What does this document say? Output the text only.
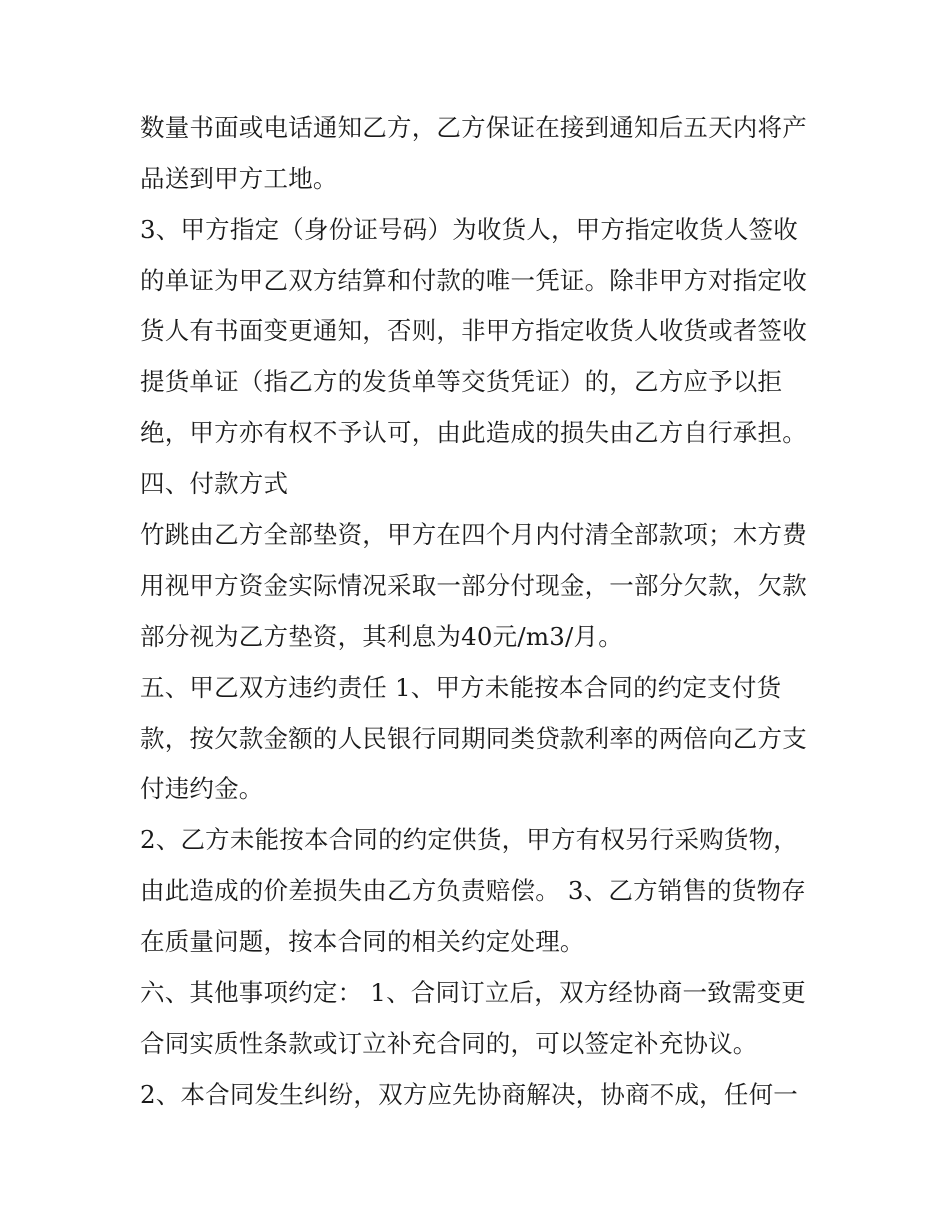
数量书面或电话通知乙方，乙方保证在接到通知后五天内将产
品送到甲方工地。
3、甲方指定（身份证号码）为收货人，甲方指定收货人签收
的单证为甲乙双方结算和付款的唯一凭证。除非甲方对指定收
货人有书面变更通知，否则，非甲方指定收货人收货或者签收
提货单证（指乙方的发货单等交货凭证）的，乙方应予以拒
绝，甲方亦有权不予认可，由此造成的损失由乙方自行承担。
四、付款方式
竹跳由乙方全部垫资，甲方在四个月内付清全部款项；木方费
用视甲方资金实际情况采取一部分付现金，一部分欠款，欠款
部分视为乙方垫资，其利息为40元/m3/月。
五、甲乙双方违约责任 1、甲方未能按本合同的约定支付货
款，按欠款金额的人民银行同期同类贷款利率的两倍向乙方支
付违约金。
2、乙方未能按本合同的约定供货，甲方有权另行采购货物，
由此造成的价差损失由乙方负责赔偿。 3、乙方销售的货物存
在质量问题，按本合同的相关约定处理。
六、其他事项约定： 1、合同订立后，双方经协商一致需变更
合同实质性条款或订立补充合同的，可以签定补充协议。
2、本合同发生纠纷，双方应先协商解决，协商不成，任何一
